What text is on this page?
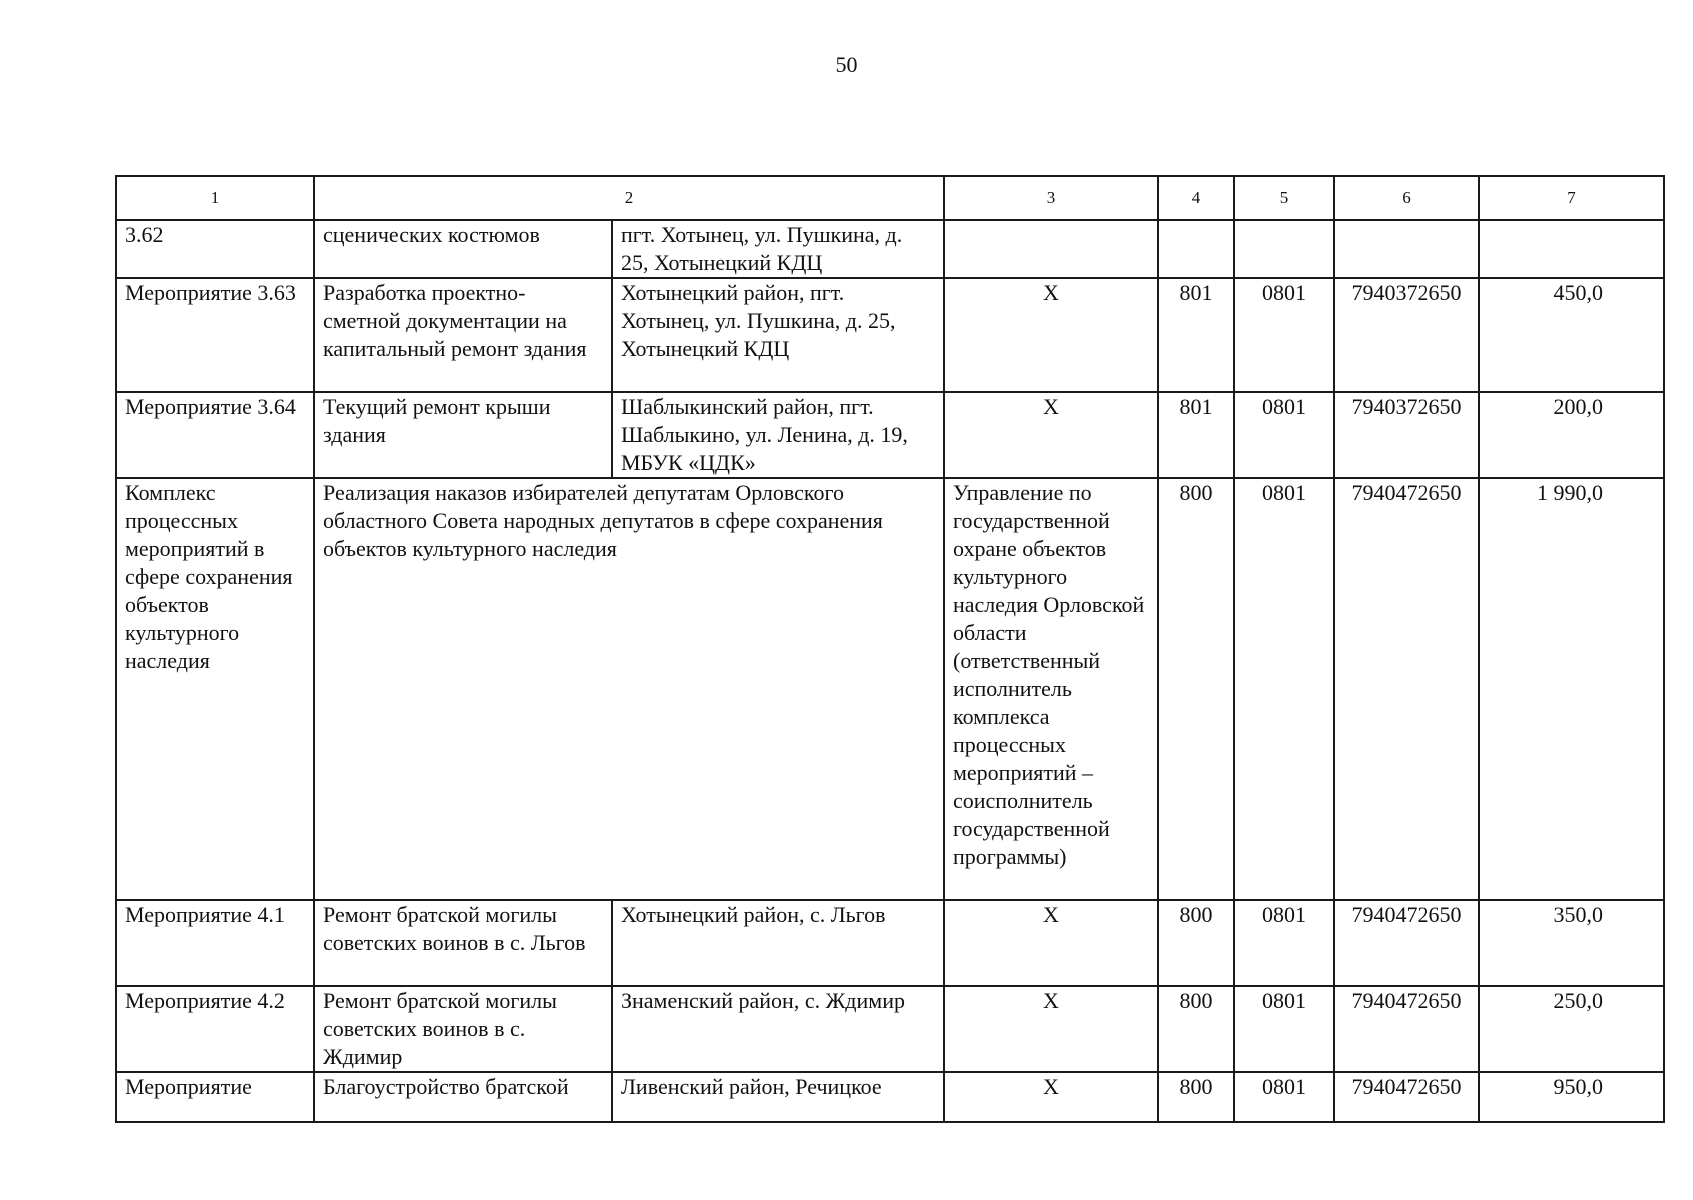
50
1	2		3	4	5	6	7
3.62	сценических костюмов	пгт. Хотынец, ул. Пушкина, д. 25, Хотынецкий КДЦ					
Мероприятие 3.63	Разработка проектно-сметной документации на капитальный ремонт здания	Хотынецкий район, пгт. Хотынец, ул. Пушкина, д. 25, Хотынецкий КДЦ	Х	801	0801	7940372650	450,0
Мероприятие 3.64	Текущий ремонт крыши здания	Шаблыкинский район, пгт. Шаблыкино, ул. Ленина, д. 19, МБУК «ЦДК»	Х	801	0801	7940372650	200,0
Комплекс процессных мероприятий в сфере сохранения объектов культурного наследия	Реализация наказов избирателей депутатам Орловского областного Совета народных депутатов в сфере сохранения объектов культурного наследия		Управление по государственной охране объектов культурного наследия Орловской области (ответственный исполнитель комплекса процессных мероприятий – соисполнитель государственной программы)	800	0801	7940472650	1 990,0
Мероприятие 4.1	Ремонт братской могилы советских воинов в с. Льгов	Хотынецкий район, с. Льгов	Х	800	0801	7940472650	350,0
Мероприятие 4.2	Ремонт братской могилы советских воинов в с. Ждимир	Знаменский район, с. Ждимир	Х	800	0801	7940472650	250,0
Мероприятие	Благоустройство братской	Ливенский район, Речицкое	Х	800	0801	7940472650	950,0
